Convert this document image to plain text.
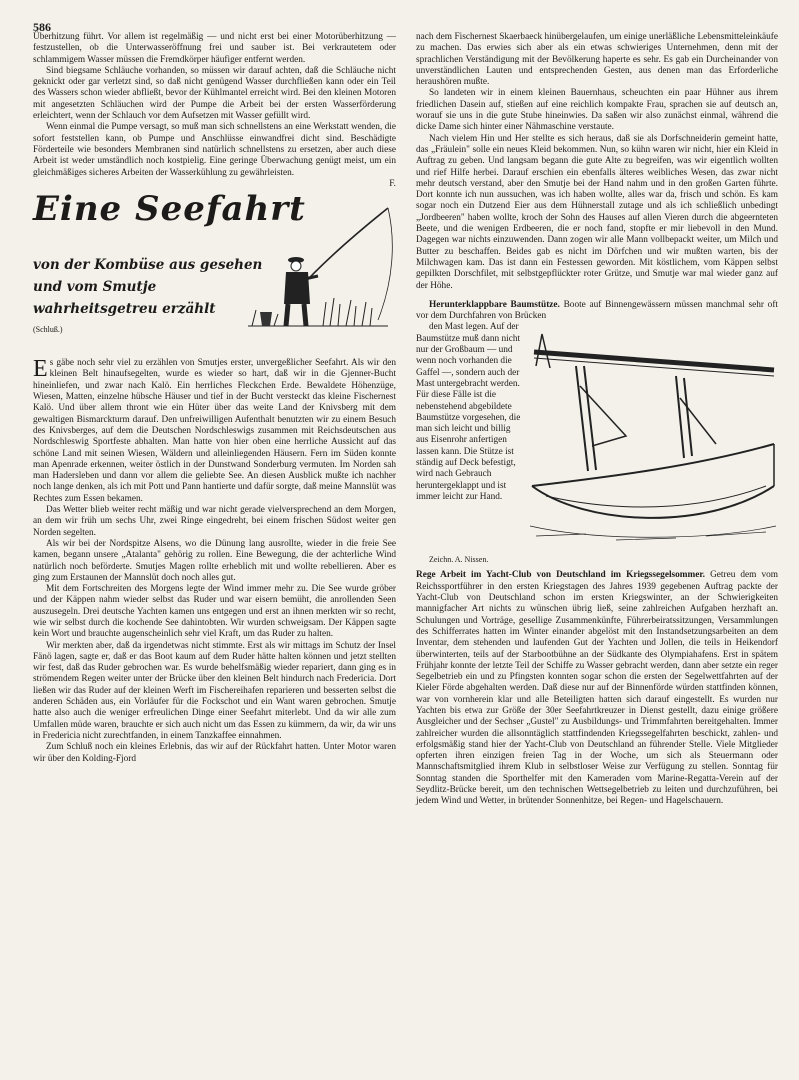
586

Überhitzung führt. Vor allem ist regelmäßig — und nicht erst bei einer Motorüberhitzung — festzustellen, ob die Unterwasseröffnung frei und sauber ist. Bei verkrautetem oder schlammigem Wasser müssen die Fremdkörper häufiger entfernt werden.

Sind biegsame Schläuche vorhanden, so müssen wir darauf achten, daß die Schläuche nicht geknickt oder gar verletzt sind, so daß nicht genügend Wasser durchfließen kann oder ein Teil des Wassers schon wieder abfließt, bevor der Kühlmantel erreicht wird. Bei den kleinen Motoren mit angesetzten Schläuchen wird der Pumpe die Arbeit bei der ersten Wasserförderung erleichtert, wenn der Schlauch vor dem Aufsetzen mit Wasser gefüllt wird.

Wenn einmal die Pumpe versagt, so muß man sich schnellstens an eine Werkstatt wenden, die sofort feststellen kann, ob Pumpe und Anschlüsse einwandfrei dicht sind. Beschädigte Förderteile wie besonders Membranen sind natürlich schnellstens zu ersetzen, aber auch diese Arbeit ist weder umständlich noch kostpielig. Eine geringe Überwachung genügt meist, um ein gleichmäßiges sicheres Arbeiten der Wasserkühlung zu gewährleisten.

F.

Eine Seefahrt
von der Kombüse aus gesehen
und vom Smutje
wahrheitsgetreu erzählt
(Schluß.)

Es gäbe noch sehr viel zu erzählen von Smutjes erster, unvergeßlicher Seefahrt. Als wir den kleinen Belt hinaufsegelten, wurde es wieder so hart, daß wir in die Gjenner-Bucht hineinliefen, und zwar nach Kalö. Ein herrliches Fleckchen Erde. Bewaldete Höhenzüge, Wiesen, Matten, einzelne hübsche Häuser und tief in der Bucht versteckt das kleine Fischernest Kalö. Und über allem thront wie ein Hüter über das weite Land der Knivsberg mit dem gewaltigen Bismarckturm darauf. Den unfreiwilligen Aufenthalt benutzten wir zu einem Besuch des Knivsberges, auf dem die Deutschen Nordschleswigs zusammen mit Reichsdeutschen aus Nordschleswig Sportfeste abhalten. Man hatte von hier oben eine herrliche Aussicht auf das schöne Land mit seinen Wiesen, Wäldern und alleinliegenden Häusern. Fern im Süden konnte man Apenrade erkennen, weiter östlich in der Dunstwand Sonderburg vermuten. Im Norden sah man Hadersleben und dann vor allem die geliebte See. An diesen Ausblick mußte ich nachher noch lange denken, als ich mit Pott und Pann hantierte und dafür sorgte, daß meine Mannslüt was Rechtes zum Essen bekamen.

Das Wetter blieb weiter recht mäßig und war nicht gerade vielversprechend an dem Morgen, an dem wir früh um sechs Uhr, zwei Ringe eingedreht, bei einem frischen Südost weiter gen Norden segelten.

Als wir bei der Nordspitze Alsens, wo die Dünung lang ausrollte, wieder in die freie See kamen, begann unsere „Atalanta" gehörig zu rollen. Eine Bewegung, die der achterliche Wind natürlich noch beförderte. Smutjes Magen rollte erheblich mit und wollte rebellieren. Aber es ging zum Erstaunen der Mannslüt doch noch alles gut.

Mit dem Fortschreiten des Morgens legte der Wind immer mehr zu. Die See wurde gröber und der Käppen nahm wieder selbst das Ruder und war eisern bemüht, die anrollenden Seen auszusegeln. Drei deutsche Yachten kamen uns entgegen und erst an ihnen merkten wir so recht, wie wir selbst durch die kochende See dahintobten. Wir wurden schweigsam. Der Käppen sagte kein Wort und brauchte augenscheinlich sehr viel Kraft, um das Ruder zu halten.

Wir merkten aber, daß da irgendetwas nicht stimmte. Erst als wir mittags im Schutz der Insel Fänö lagen, sagte er, daß er das Boot kaum auf dem Ruder hätte halten können und jetzt stellten wir fest, daß das Ruder gebrochen war. Es wurde behelfsmäßig wieder repariert, dann ging es in strömendem Regen weiter unter der Brücke über den kleinen Belt hindurch nach Fredericia. Dort ließen wir das Ruder auf der kleinen Werft im Fischereihafen reparieren und besserten selbst die anderen Schäden aus, ein Vorläufer für die Fockschot und ein Want waren gebrochen. Smutje hatte also auch die weniger erfreulichen Dinge einer Seefahrt miterlebt. Und da wir alle zum Umfallen müde waren, brauchte er sich auch nicht um das Essen zu kümmern, da wir, da wir uns in Fredericia nicht zurechtfanden, in einem Tanzkaffee einnahmen.

Zum Schluß noch ein kleines Erlebnis, das wir auf der Rückfahrt hatten. Unter Motor waren wir über den Kolding-Fjord

nach dem Fischernest Skaerbaeck hinübergelaufen, um einige unerläßliche Lebensmitteleinkäufe zu machen. Das erwies sich aber als ein etwas schwieriges Unternehmen, denn mit der sprachlichen Verständigung mit der Bevölkerung haperte es sehr. Es gab ein Durcheinander von unverständlichen Lauten und entsprechenden Gesten, aus denen man das Erforderliche heraushören mußte.

So landeten wir in einem kleinen Bauernhaus, scheuchten ein paar Hühner aus ihrem friedlichen Dasein auf, stießen auf eine reichlich kompakte Frau, sprachen sie auf deutsch an, worauf sie uns in die gute Stube hineinwies. Da saßen wir also zunächst einmal, während die dicke Dame sich hinter einer Nähmaschine verstaute.

Nach vielem Hin und Her stellte es sich heraus, daß sie als Dorfschneiderin gemeint hatte, das „Fräulein" solle ein neues Kleid bekommen. Nun, so kühn waren wir nicht, hier ein Kleid in Auftrag zu geben. Und langsam begann die gute Alte zu begreifen, was wir eigentlich wollten und rief Hilfe herbei. Darauf erschien ein ebenfalls älteres weibliches Wesen, das zwar nicht mehr deutsch verstand, aber den Smutje bei der Hand nahm und in den großen Garten führte. Dort konnte ich nun aussuchen, was ich haben wollte, alles war da, frisch und schön. Es kam sogar noch ein Dutzend Eier aus dem Hühnerstall zutage und als ich schließlich unbedingt „Jordbeeren" haben wollte, kroch der Sohn des Hauses auf allen Vieren durch die abgeernteten Beete, und die wenigen Erdbeeren, die er noch fand, stopfte er mir liebevoll in den Mund. Dagegen war nichts einzuwenden. Dann zogen wir alle Mann vollbepackt weiter, um Milch und Butter zu beschaffen. Beides gab es nicht im Dörfchen und wir mußten warten, bis der Milchwagen kam. Das ist dann ein Festessen geworden. Mit köstlichem, vom Käppen selbst gepilkten Dorschfilet, mit selbstgepflückter roter Grütze, und Smutje war mal wieder ganz auf der Höhe.

Herunterklappbare Baumstütze. Boote auf Binnengewässern müssen manchmal sehr oft vor dem Durchfahren von Brücken

den Mast legen. Auf der Baumstütze muß dann nicht nur der Großbaum — und wenn noch vorhanden die Gaffel —, sondern auch der Mast untergebracht werden. Für diese Fälle ist die nebenstehend abgebildete Baumstütze vorgesehen, die man sich leicht und billig aus Eisenrohr anfertigen lassen kann. Die Stütze ist ständig auf Deck befestigt, wird nach Gebrauch heruntergeklappt und ist immer leicht zur Hand.

Zeichn. A. Nissen.

Rege Arbeit im Yacht-Club von Deutschland im Kriegssegelsommer. Getreu dem vom Reichssportführer in den ersten Kriegstagen des Jahres 1939 gegebenen Auftrag packte der Yacht-Club von Deutschland schon im ersten Kriegswinter, an der Schwierigkeiten mannigfacher Art nichts zu wünschen übrig ließ, seine zahlreichen Aufgaben herzhaft an. Schulungen und Vorträge, gesellige Zusammenkünfte, Führerbeiratssitzungen, Versammlungen des Schifferrates hatten im Winter einander abgelöst mit den Instandsetzungsarbeiten an dem Inventar, dem stehenden und laufenden Gut der Yachten und Jollen, die teils in Heikendorf überwinterten, teils auf der Starbootbühne an der Südkante des Olympiahafens. Erst in spätem Frühjahr konnte der letzte Teil der Schiffe zu Wasser gebracht werden, dann aber setzte ein reger Segelbetrieb ein und zu Pfingsten konnten sogar schon die ersten der Segelwettfahrten auf der Kieler Förde abgehalten werden. Daß diese nur auf der Binnenförde würden stattfinden können, war von vornherein klar und alle Beteiligten hatten sich darauf eingestellt. Es wurden nur Yachten bis etwa zur Größe der 30er Seefahrtkreuzer in Dienst gestellt, dazu einige größere Ausgleicher und der Sechser „Gustel" zu Ausbildungs- und Trimmfahrten bereitgehalten. Immer zahlreicher wurden die allsonntäglich stattfindenden Kriegssegelfahrten beschickt, zahlen- und erfolgsmäßig stand hier der Yacht-Club von Deutschland an führender Stelle. Viele Mitglieder opferten ihren einzigen freien Tag in der Woche, um sich als Steuermann oder Mannschaftsmitglied ihrem Klub in selbstloser Weise zur Verfügung zu stellen. Sonntag für Sonntag standen die Sporthelfer mit den Kameraden vom Marine-Regatta-Verein auf der Seydlitz-Brücke bereit, um den technischen Wettsegelbetrieb zu leiten und durchzuführen, bei jedem Wind und Wetter, in brütender Sonnenhitze, bei Regen- und Hagelschauern.
